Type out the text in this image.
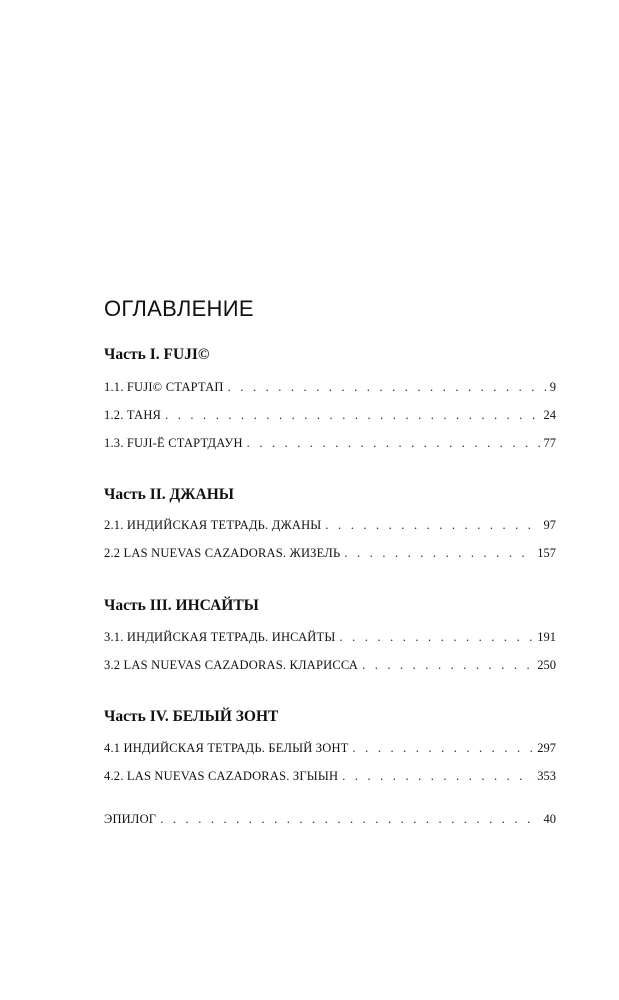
ОГЛАВЛЕНИЕ
Часть I. FUJI©
1.1. FUJI© СТАРТАП . . .	9
1.2. ТАНЯ . . .	24
1.3. FUJI-Ё СТАРТДАУН . . .	77
Часть II. ДЖАНЫ
2.1. ИНДИЙСКАЯ ТЕТРАДЬ. ДЖАНЫ . . .	97
2.2 LAS NUEVAS CAZADORAS. ЖИЗЕЛЬ . . .	157
Часть III. ИНСАЙТЫ
3.1. ИНДИЙСКАЯ ТЕТРАДЬ. ИНСАЙТЫ . . .	191
3.2 LAS NUEVAS CAZADORAS. КЛАРИССА . . .	250
Часть IV. БЕЛЫЙ ЗОНТ
4.1 ИНДИЙСКАЯ ТЕТРАДЬ. БЕЛЫЙ ЗОНТ . . .	297
4.2. LAS NUEVAS CAZADORAS. ЗГЫЫН . . .	353
ЭПИЛОГ . . .	40
